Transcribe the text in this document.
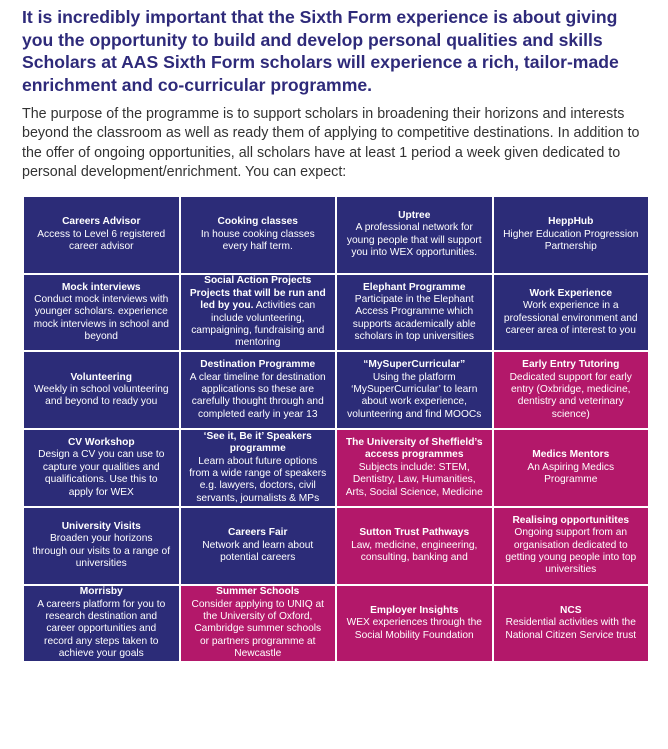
It is incredibly important that the Sixth Form experience is about giving you the opportunity to build and develop personal qualities and skills Scholars at AAS Sixth Form scholars will experience a rich, tailor-made enrichment and co-curricular programme.

The purpose of the programme is to support scholars in broadening their horizons and interests beyond the classroom as well as ready them of applying to competitive destinations. In addition to the offer of ongoing opportunities, all scholars have at least 1 period a week given dedicated to personal development/enrichment. You can expect:

Careers Advisor
Access to Level 6 registered career advisor
Cooking classes
In house cooking classes every half term.
Uptree
A professional network for young people that will support you into WEX opportunities.
HeppHub
Higher Education Progression Partnership
Mock interviews
Conduct mock interviews with younger scholars. experience mock interviews in school and beyond
Social Action Projects
Projects that will be run and led by you. Activities can include volunteering, campaigning, fundraising and mentoring
Elephant Programme
Participate in the Elephant Access Programme which supports academically able scholars in top universities
Work Experience
Work experience in a professional environment and career area of interest to you
Volunteering
Weekly in school volunteering and beyond to ready you
Destination Programme
A clear timeline for destination applications so these are carefully thought through and completed early in year 13
“MySuperCurricular”
Using the platform ‘MySuperCurricular’ to learn about work experience, volunteering and find MOOCs
Early Entry Tutoring
Dedicated support for early entry (Oxbridge, medicine, dentistry and veterinary science)
CV Workshop
Design a CV you can use to capture your qualities and qualifications. Use this to apply for WEX
‘See it, Be it’ Speakers programme
Learn about future options from a wide range of speakers e.g. lawyers, doctors, civil servants, journalists & MPs
The University of Sheffield’s access programmes
Subjects include: STEM, Dentistry, Law, Humanities, Arts, Social Science, Medicine
Medics Mentors
An Aspiring Medics Programme
University Visits
Broaden your horizons through our visits to a range of universities
Careers Fair
Network and learn about potential careers
Sutton Trust Pathways
Law, medicine, engineering, consulting, banking and
Realising opportunitites
Ongoing support from an organisation dedicated to getting young people into top universities
Morrisby
A careers platform for you to research destination and career opportunities and record any steps taken to achieve your goals
Summer Schools
Consider applying to UNIQ at the University of Oxford, Cambridge summer schools or partners programme at Newcastle
Employer Insights
WEX experiences through the Social Mobility Foundation
NCS
Residential activities with the National Citizen Service trust
